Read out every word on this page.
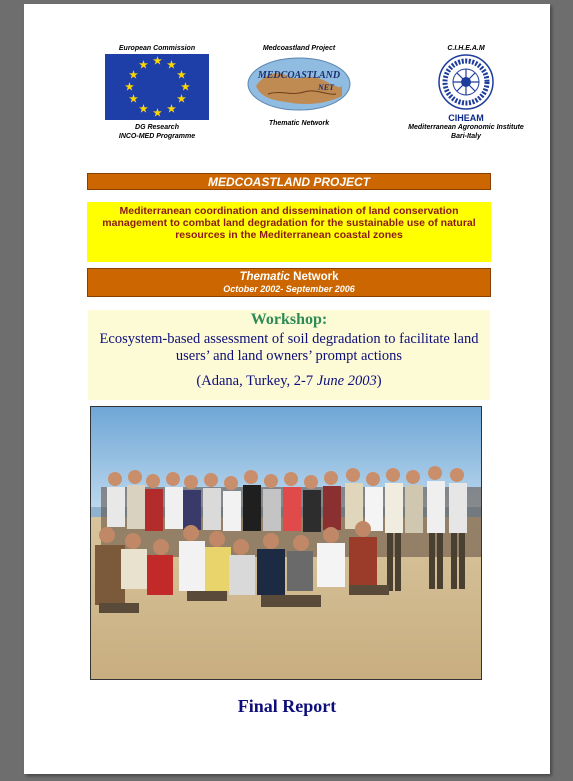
European Commission
★ ★
★
★
★
★
★
★
★
★
★
★
DG Research
INCO-MED Programme
Medcoastland Project
MEDCOASTLAND
NET
Thematic Network
C.I.H.E.A.M
CIHEAM
Mediterranean Agronomic Institute
Bari-Italy
MEDCOASTLAND PROJECT
Mediterranean coordination and dissemination of land conservation management to combat land degradation for the sustainable use of natural resources in the Mediterranean coastal zones
Thematic Network
October 2002- September 2006
Workshop:
Ecosystem-based assessment of soil degradation to facilitate land users’ and land owners’ prompt actions
(Adana, Turkey, 2-7 June 2003)
Final Report
